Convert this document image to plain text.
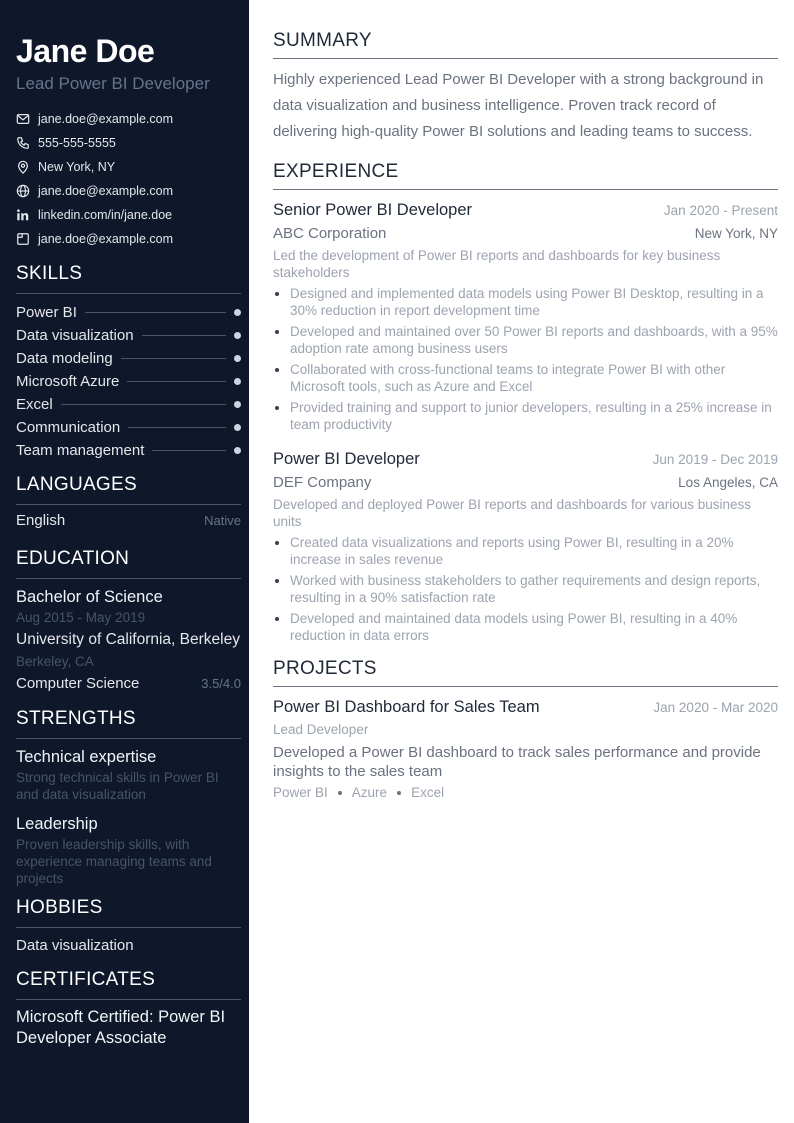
Jane Doe
Lead Power BI Developer
jane.doe@example.com
555-555-5555
New York, NY
jane.doe@example.com
linkedin.com/in/jane.doe
jane.doe@example.com
SKILLS
Power BI
Data visualization
Data modeling
Microsoft Azure
Excel
Communication
Team management
LANGUAGES
English	Native
EDUCATION
Bachelor of Science
Aug 2015 - May 2019
University of California, Berkeley
Berkeley, CA
Computer Science	3.5/4.0
STRENGTHS
Technical expertise
Strong technical skills in Power BI and data visualization
Leadership
Proven leadership skills, with experience managing teams and projects
HOBBIES
Data visualization
CERTIFICATES
Microsoft Certified: Power BI Developer Associate
SUMMARY

Highly experienced Lead Power BI Developer with a strong background in data visualization and business intelligence. Proven track record of delivering high-quality Power BI solutions and leading teams to success.

EXPERIENCE
Senior Power BI Developer	Jan 2020 - Present
ABC Corporation	New York, NY
Led the development of Power BI reports and dashboards for key business stakeholders
Designed and implemented data models using Power BI Desktop, resulting in a 30% reduction in report development time
Developed and maintained over 50 Power BI reports and dashboards, with a 95% adoption rate among business users
Collaborated with cross-functional teams to integrate Power BI with other Microsoft tools, such as Azure and Excel
Provided training and support to junior developers, resulting in a 25% increase in team productivity
Power BI Developer	Jun 2019 - Dec 2019
DEF Company	Los Angeles, CA
Developed and deployed Power BI reports and dashboards for various business units
Created data visualizations and reports using Power BI, resulting in a 20% increase in sales revenue
Worked with business stakeholders to gather requirements and design reports, resulting in a 90% satisfaction rate
Developed and maintained data models using Power BI, resulting in a 40% reduction in data errors
PROJECTS
Power BI Dashboard for Sales Team	Jan 2020 - Mar 2020
Lead Developer
Developed a Power BI dashboard to track sales performance and provide insights to the sales team
Power BI Azure Excel
